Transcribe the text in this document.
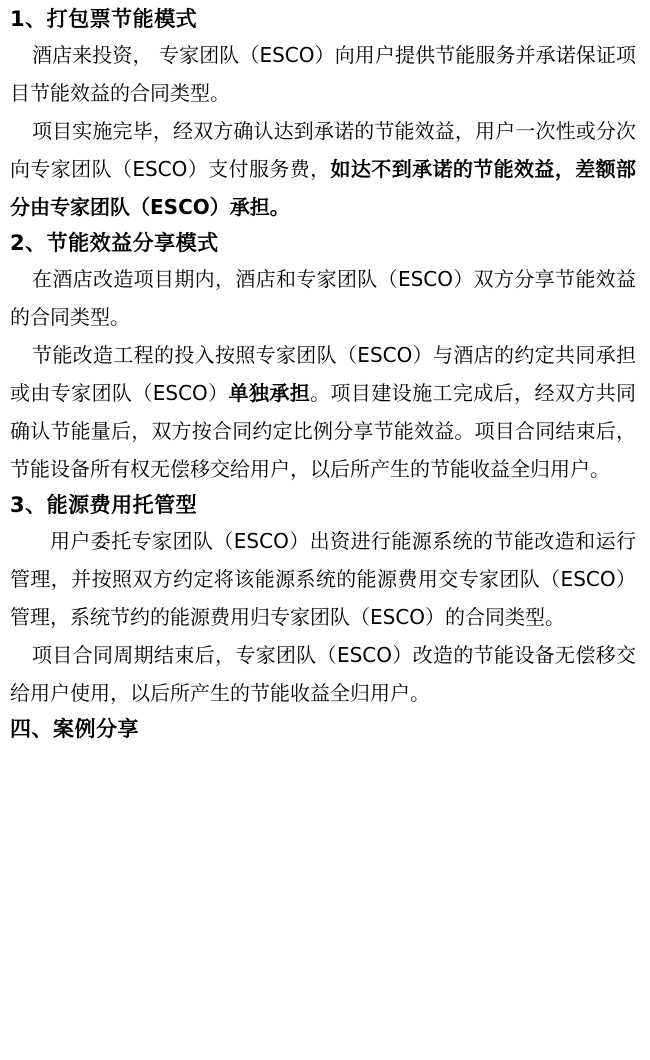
1、打包票节能模式

酒店来投资， 专家团队（ESCO）向用户提供节能服务并承诺保证项目节能效益的合同类型。

项目实施完毕，经双方确认达到承诺的节能效益，用户一次性或分次向专家团队（ESCO）支付服务费，如达不到承诺的节能效益，差额部分由专家团队（ESCO）承担。

2、节能效益分享模式

在酒店改造项目期内，酒店和专家团队（ESCO）双方分享节能效益的合同类型。

节能改造工程的投入按照专家团队（ESCO）与酒店的约定共同承担或由专家团队（ESCO）单独承担。项目建设施工完成后，经双方共同确认节能量后，双方按合同约定比例分享节能效益。项目合同结束后，节能设备所有权无偿移交给用户，以后所产生的节能收益全归用户。

3、能源费用托管型

用户委托专家团队（ESCO）出资进行能源系统的节能改造和运行管理，并按照双方约定将该能源系统的能源费用交专家团队（ESCO）管理，系统节约的能源费用归专家团队（ESCO）的合同类型。

项目合同周期结束后，专家团队（ESCO）改造的节能设备无偿移交给用户使用，以后所产生的节能收益全归用户。

四、案例分享
